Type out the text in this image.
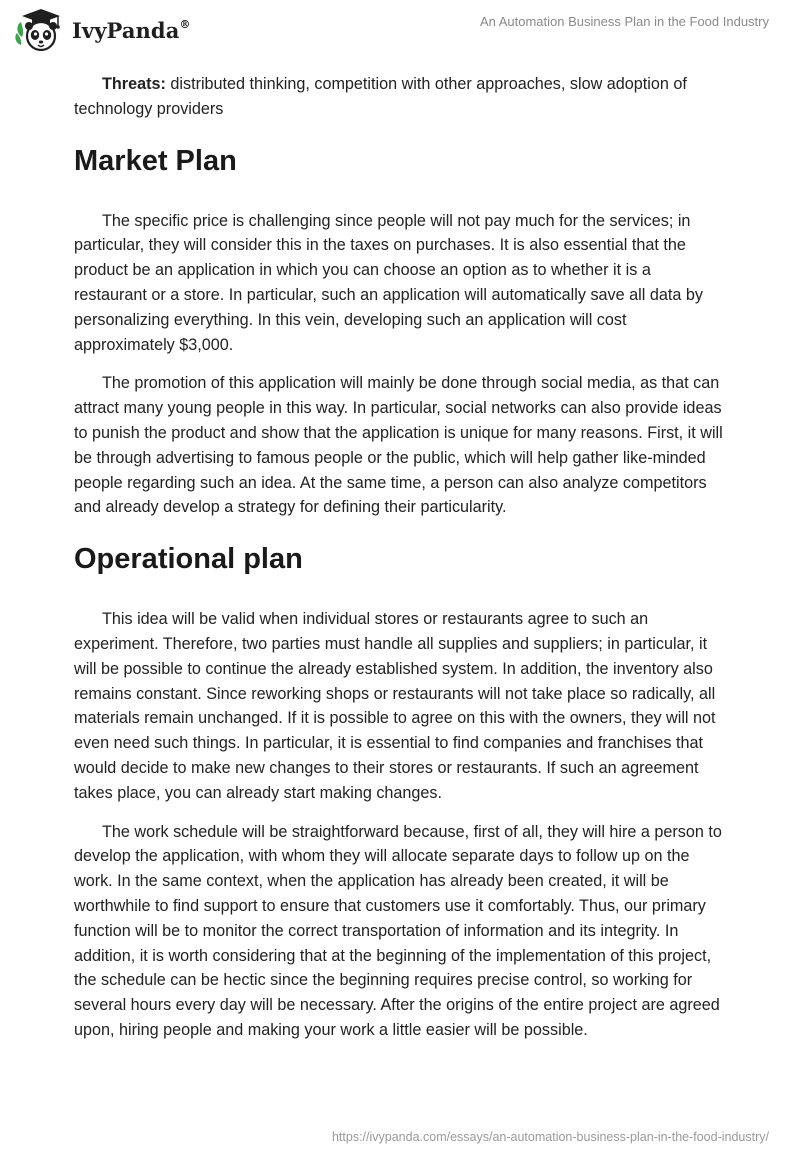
IvyPanda®	An Automation Business Plan in the Food Industry

Threats: distributed thinking, competition with other approaches, slow adoption of technology providers

Market Plan

The specific price is challenging since people will not pay much for the services; in particular, they will consider this in the taxes on purchases. It is also essential that the product be an application in which you can choose an option as to whether it is a restaurant or a store. In particular, such an application will automatically save all data by personalizing everything. In this vein, developing such an application will cost approximately $3,000.

The promotion of this application will mainly be done through social media, as that can attract many young people in this way. In particular, social networks can also provide ideas to punish the product and show that the application is unique for many reasons. First, it will be through advertising to famous people or the public, which will help gather like-minded people regarding such an idea. At the same time, a person can also analyze competitors and already develop a strategy for defining their particularity.

Operational plan

This idea will be valid when individual stores or restaurants agree to such an experiment. Therefore, two parties must handle all supplies and suppliers; in particular, it will be possible to continue the already established system. In addition, the inventory also remains constant. Since reworking shops or restaurants will not take place so radically, all materials remain unchanged. If it is possible to agree on this with the owners, they will not even need such things. In particular, it is essential to find companies and franchises that would decide to make new changes to their stores or restaurants. If such an agreement takes place, you can already start making changes.

The work schedule will be straightforward because, first of all, they will hire a person to develop the application, with whom they will allocate separate days to follow up on the work. In the same context, when the application has already been created, it will be worthwhile to find support to ensure that customers use it comfortably. Thus, our primary function will be to monitor the correct transportation of information and its integrity. In addition, it is worth considering that at the beginning of the implementation of this project, the schedule can be hectic since the beginning requires precise control, so working for several hours every day will be necessary. After the origins of the entire project are agreed upon, hiring people and making your work a little easier will be possible.

https://ivypanda.com/essays/an-automation-business-plan-in-the-food-industry/
